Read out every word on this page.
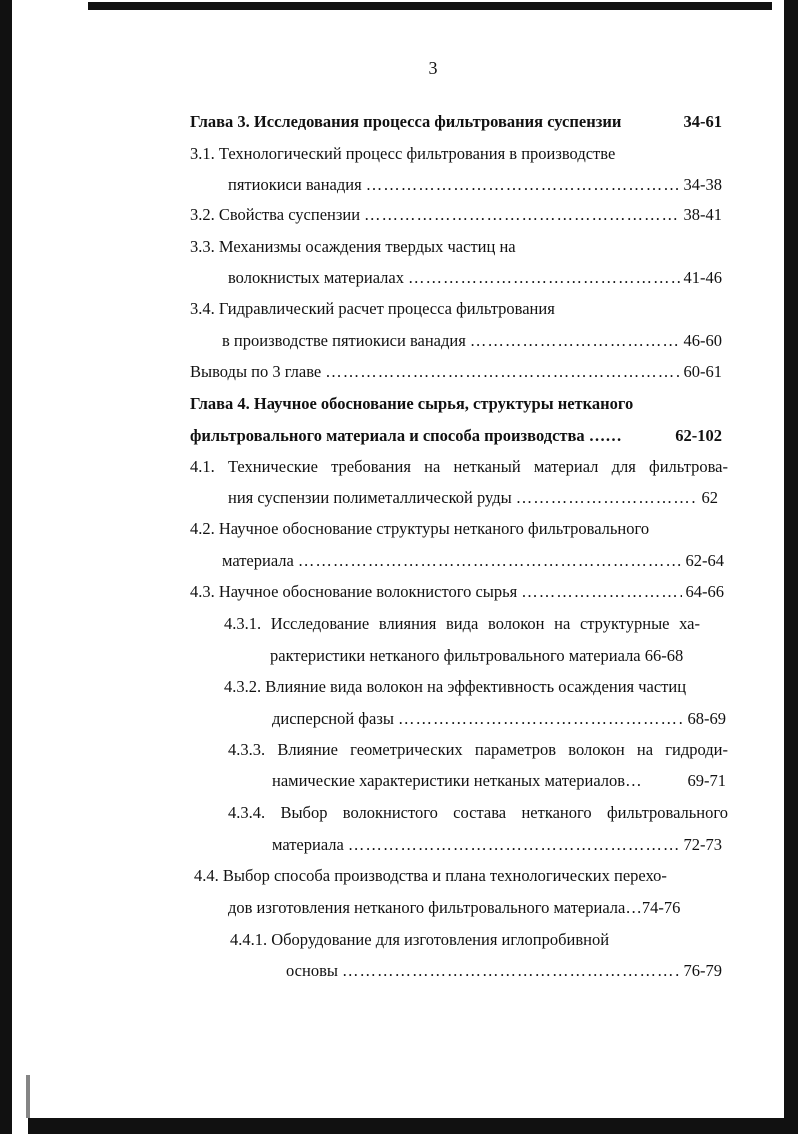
3
Глава 3. Исследования процесса фильтрования суспензии	34-61
3.1. Технологический процесс фильтрования в производстве
пятиокиси ванадия ………………………………………………………………………………………………………………………………………………	34-38
3.2. Свойства суспензии ………………………………………………………………………………………………………………………………………………	38-41
3.3. Механизмы осаждения твердых частиц на
волокнистых материалах ………………………………………………………………………………………………………………………………………………	41-46
3.4. Гидравлический расчет процесса фильтрования
в производстве пятиокиси ванадия ………………………………………………………………………………………………………………………………………………	46-60
Выводы по 3 главе ………………………………………………………………………………………………………………………………………………	60-61
Глава 4. Научное обоснование сырья, структуры нетканого
фильтровального материала и способа производства ……	62-102
4.1. Технические требования на нетканый материал для фильтрова-
ния суспензии полиметаллической руды ………………………………………………………………………………………………………………………………………………	62
4.2. Научное обоснование структуры нетканого фильтровального
материала ………………………………………………………………………………………………………………………………………………	62-64
4.3. Научное обоснование волокнистого сырья ………………………………………………………………………………………………………………………………………………	64-66
4.3.1. Исследование влияния вида волокон на структурные ха-
рактеристики нетканого фильтровального материала 66-68
4.3.2. Влияние вида волокон на эффективность осаждения частиц
дисперсной фазы ………………………………………………………………………………………………………………………………………………	68-69
4.3.3. Влияние геометрических параметров волокон на гидроди-
намические характеристики нетканых материалов…	69-71
4.3.4. Выбор волокнистого состава нетканого фильтровального
материала ………………………………………………………………………………………………………………………………………………	72-73
4.4. Выбор способа производства и плана технологических перехо-
дов изготовления нетканого фильтровального материала…74-76
4.4.1. Оборудование для изготовления иглопробивной
основы ………………………………………………………………………………………………………………………………………………	76-79
